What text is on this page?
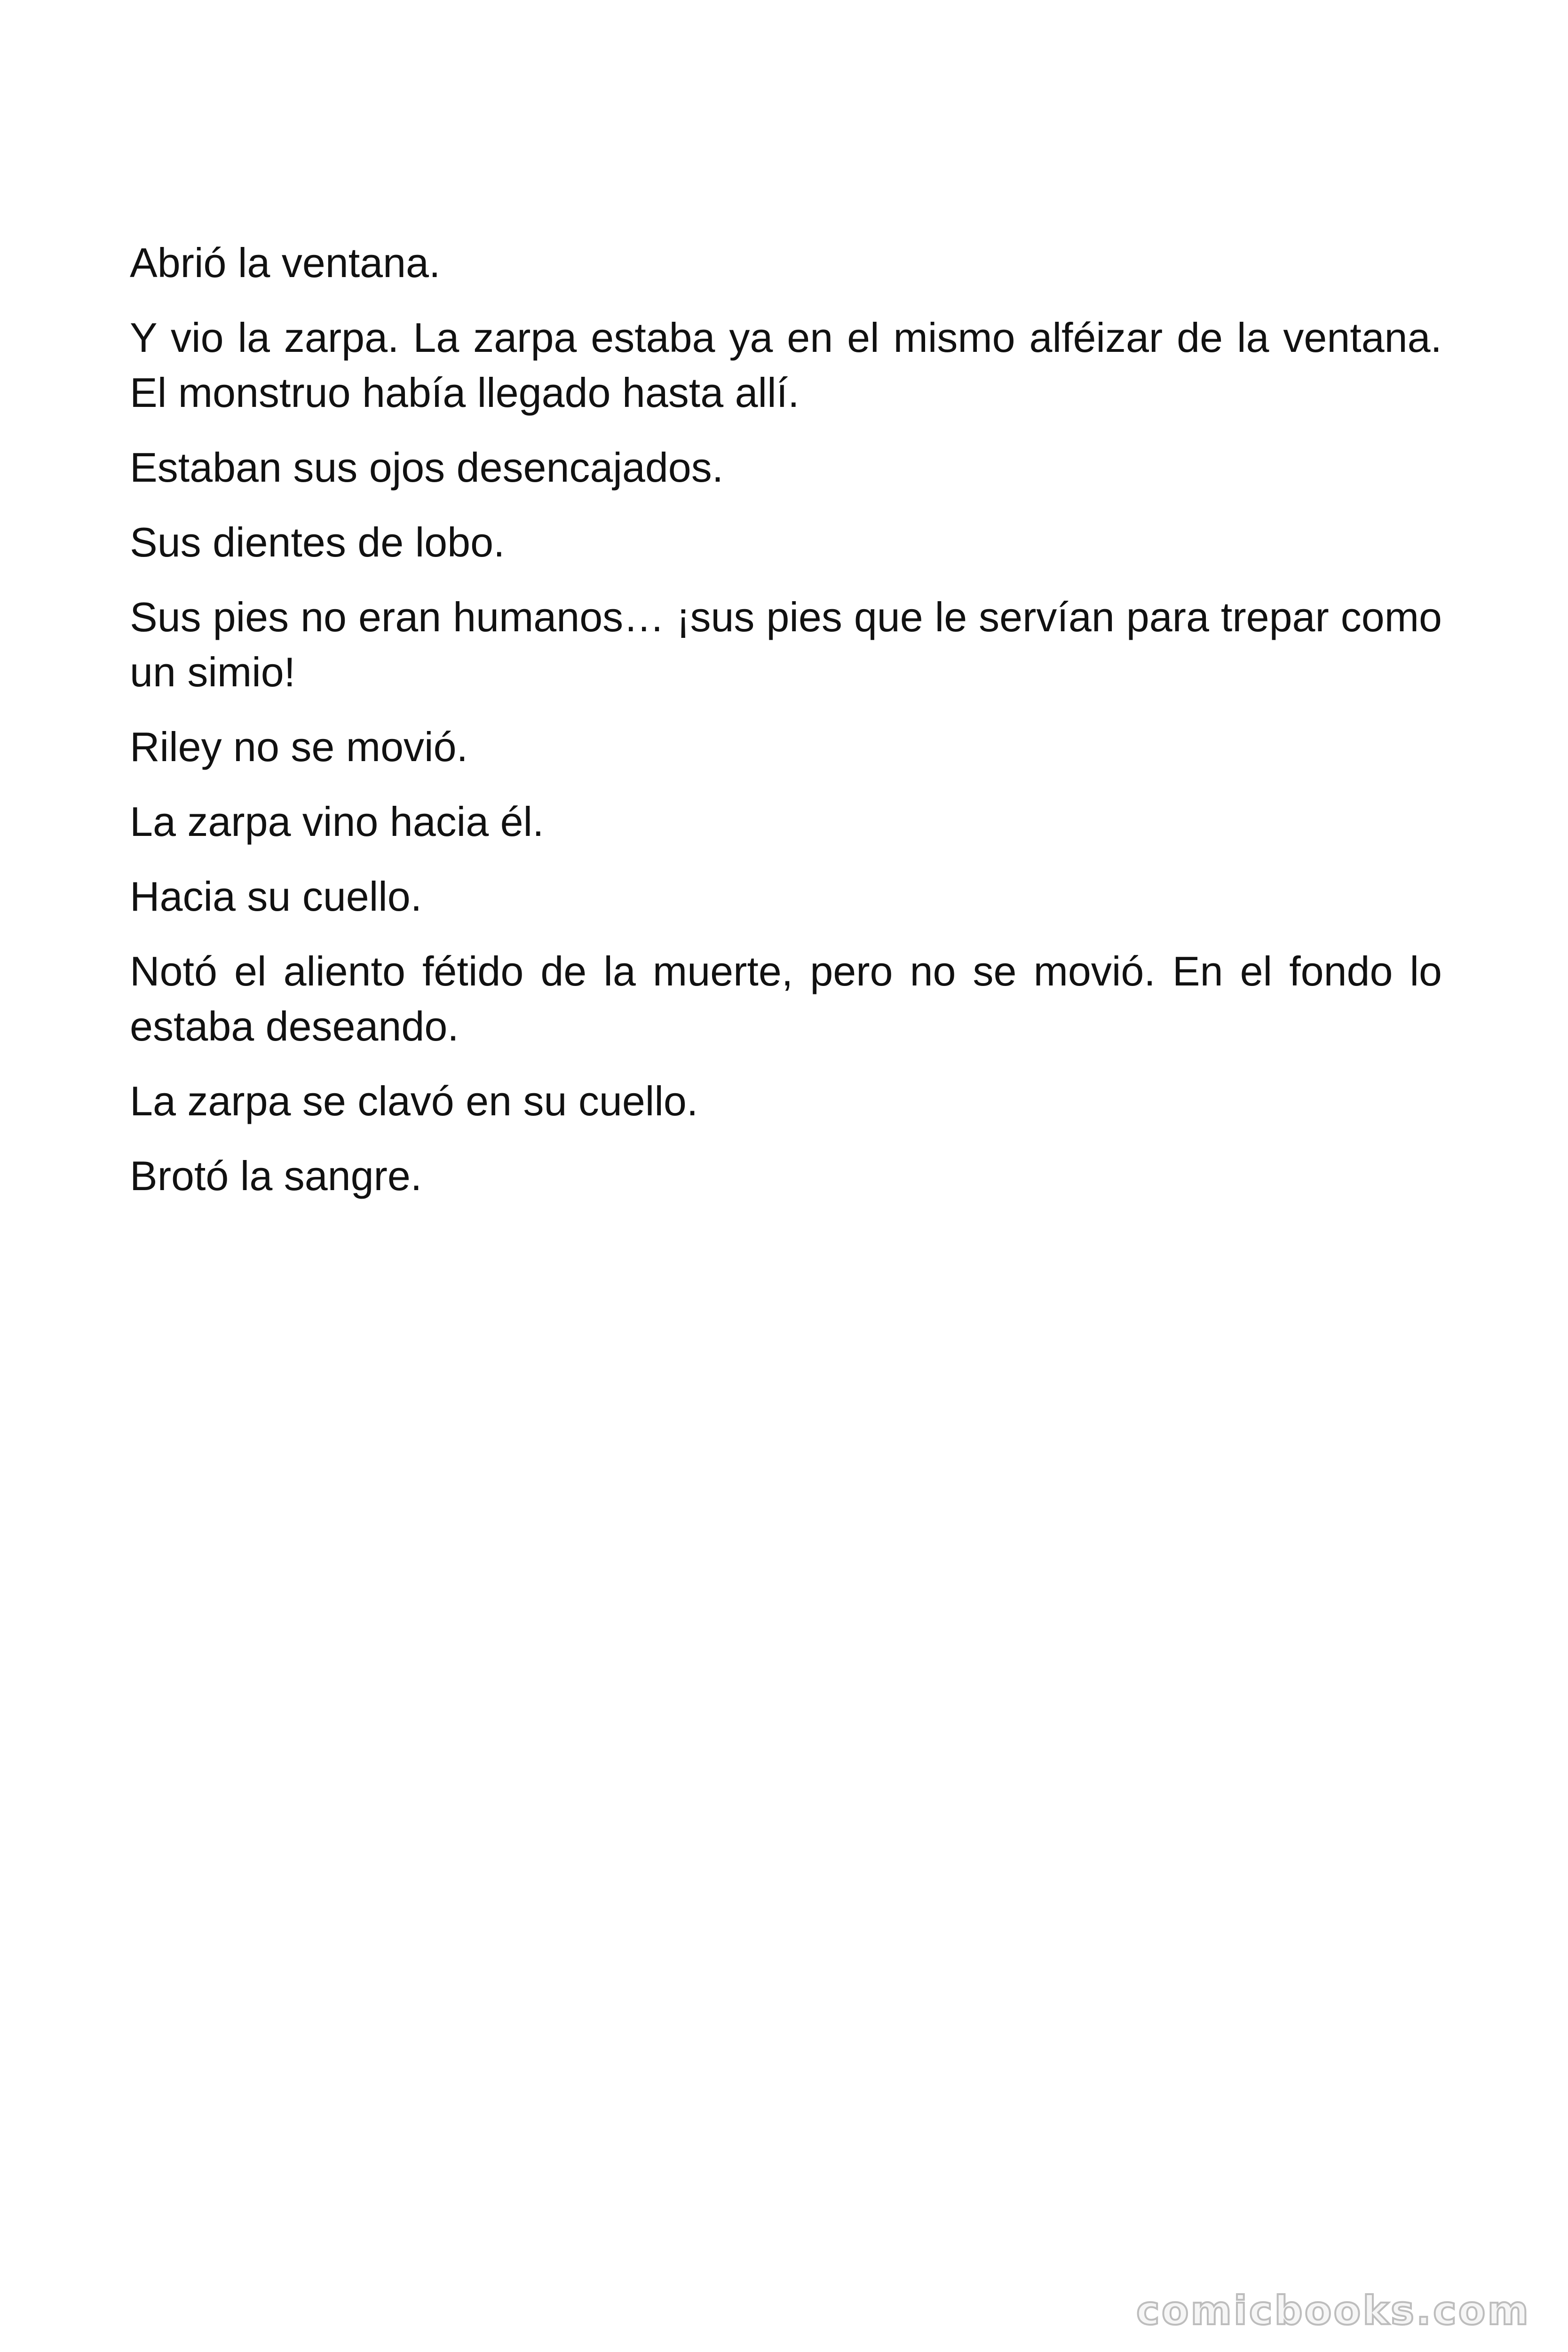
Abrió la ventana.

Y vio la zarpa. La zarpa estaba ya en el mismo alféizar de la ventana. El monstruo había llegado hasta allí.

Estaban sus ojos desencajados.

Sus dientes de lobo.

Sus pies no eran humanos… ¡sus pies que le servían para trepar como un simio!

Riley no se movió.

La zarpa vino hacia él.

Hacia su cuello.

Notó el aliento fétido de la muerte, pero no se movió. En el fondo lo estaba deseando.

La zarpa se clavó en su cuello.

Brotó la sangre.

comicbooks.com
